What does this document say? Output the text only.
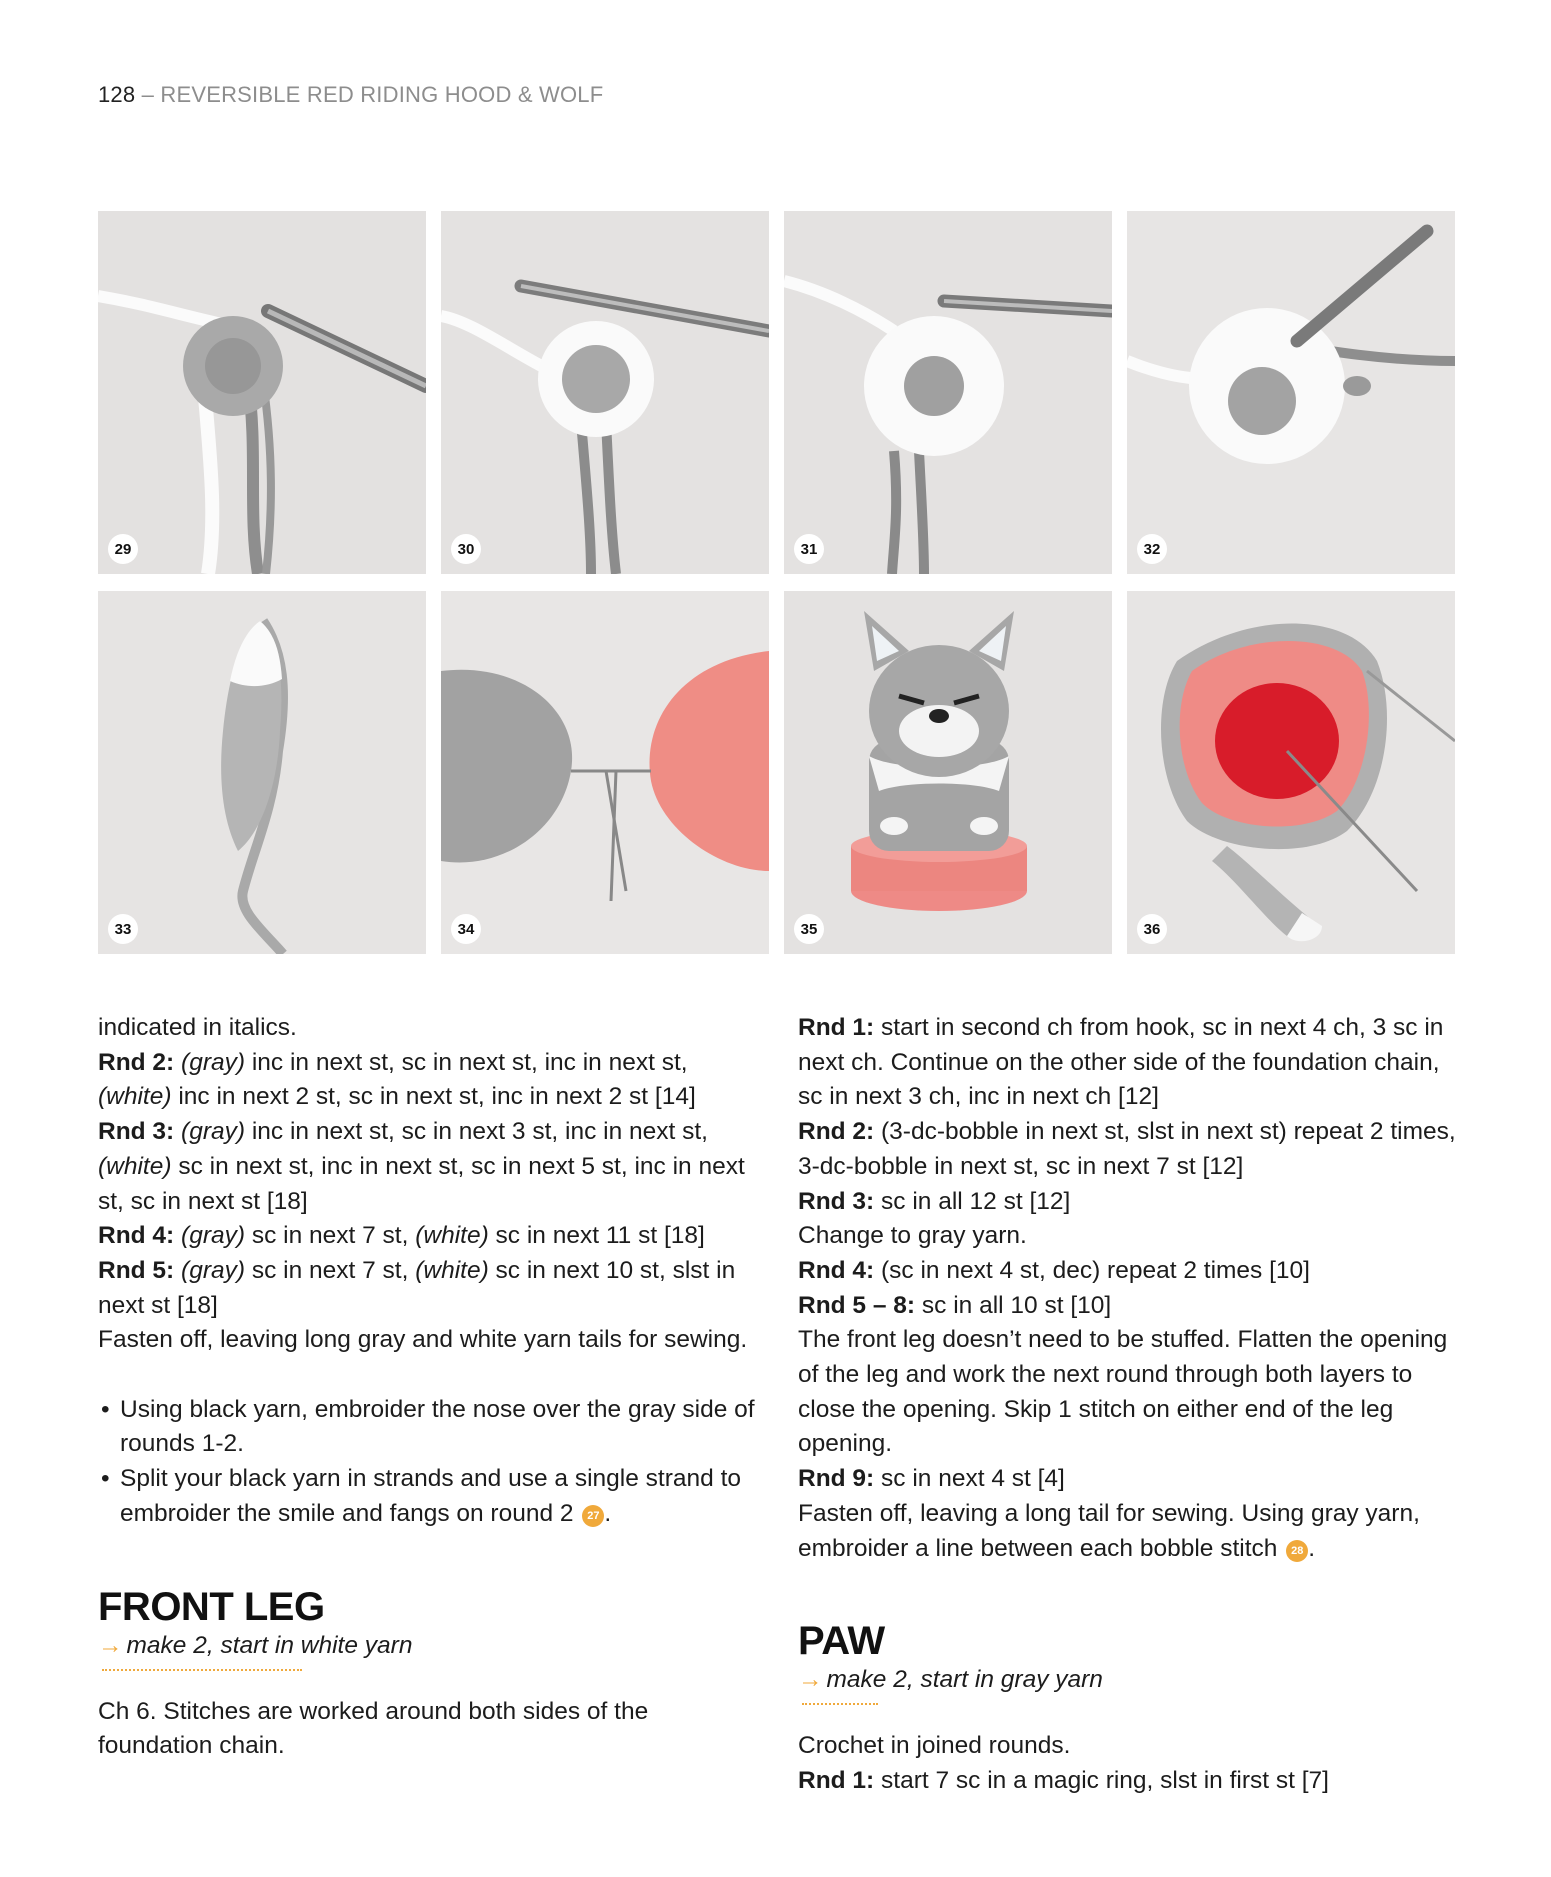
128 – REVERSIBLE RED RIDING HOOD & WOLF
29	30	31	32
33	34	35	36

indicated in italics.

Rnd 2: (gray) inc in next st, sc in next st, inc in next st,
(white) inc in next 2 st, sc in next st, inc in next 2 st [14]

Rnd 3: (gray) inc in next st, sc in next 3 st, inc in next st,
(white) sc in next st, inc in next st, sc in next 5 st, inc in next st, sc in next st [18]

Rnd 4: (gray) sc in next 7 st, (white) sc in next 11 st [18]

Rnd 5: (gray) sc in next 7 st, (white) sc in next 10 st, slst in next st [18]

Fasten off, leaving long gray and white yarn tails for sewing.

• Using black yarn, embroider the nose over the gray side of rounds 1-2.
• Split your black yarn in strands and use a single strand to embroider the smile and fangs on round 2 27 .
FRONT LEG
→ make 2, start in white yarn

Ch 6. Stitches are worked around both sides of the foundation chain.

Rnd 1: start in second ch from hook, sc in next 4 ch, 3 sc in next ch. Continue on the other side of the foundation chain, sc in next 3 ch, inc in next ch [12]

Rnd 2: (3-dc-bobble in next st, slst in next st) repeat 2 times, 3-dc-bobble in next st, sc in next 7 st [12]

Rnd 3: sc in all 12 st [12]

Change to gray yarn.

Rnd 4: (sc in next 4 st, dec) repeat 2 times [10]

Rnd 5 – 8: sc in all 10 st [10]

The front leg doesn’t need to be stuffed. Flatten the opening of the leg and work the next round through both layers to close the opening. Skip 1 stitch on either end of the leg opening.

Rnd 9: sc in next 4 st [4]

Fasten off, leaving a long tail for sewing. Using gray yarn, embroider a line between each bobble stitch 28 .

PAW
→ make 2, start in gray yarn

Crochet in joined rounds.

Rnd 1: start 7 sc in a magic ring, slst in first st [7]
